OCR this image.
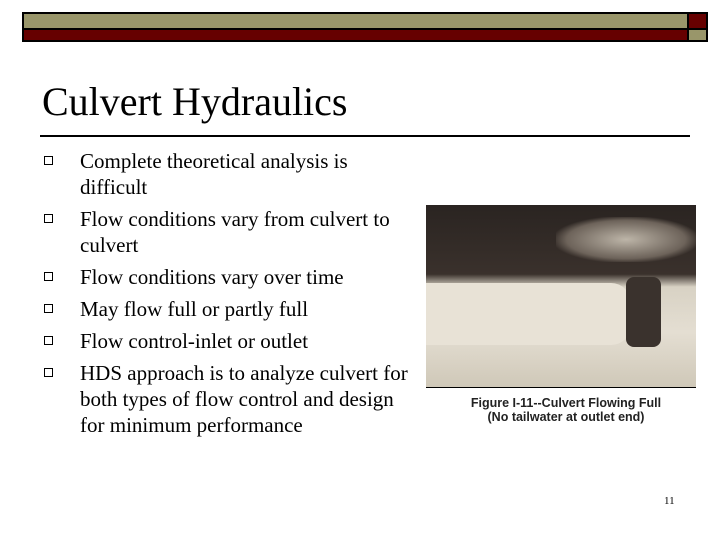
Culvert Hydraulics
Complete theoretical analysis is difficult
Flow conditions vary from culvert to culvert
Flow conditions vary over time
May flow full or partly full
Flow control-inlet or outlet
HDS approach is to analyze culvert for both types of flow control and design for minimum performance
Figure I-11--Culvert Flowing Full
(No tailwater at outlet end)
11
